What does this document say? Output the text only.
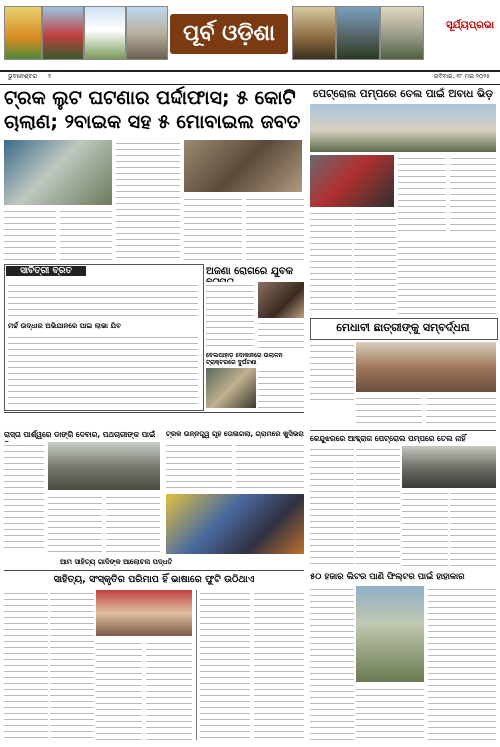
ପୂର୍ବ ଓଡ଼ିଶା	ସୂର୍ଯ୍ୟପ୍ରଭା
ଭୁବନେଶ୍ବର ୨	ରବିବାର, ୧୮ ମଇ ୨୦୨୫
ଟ୍ରକ ଲୁଟ ଘଟଣାର ପର୍ଦ୍ଦାଫାସ; ୫ କୋଟି ଚାଲାଣ; ୨ବାଇକ ସହ ୫ ମୋବାଇଲ ଜବତ
ପେଟ୍ରୋଲ ପମ୍ପରେ ତେଲ ପାଇଁ ଅବାଧ ଭିଡ଼
ସାବିତ୍ରୀ ବ୍ରତ
ମର୍ଚ୍ଚ ଉଦ୍ଧାର ଅଭିଯାନରେ ପାଇ ଲାଭା ଯିବ
ଅଜଣା ରୋଗରେ ଯୁବକ
ମେଧାବୀ ଛାତ୍ରୀଙ୍କୁ ସମ୍ବର୍ଦ୍ଧନା
ବେଲପାହାଡ଼ ଦୋକାନରେ ଉଲାଳନ ଟ୍ରାକ୍ଟରରେ ଦୁର୍ଘଟଣା
ରାସ୍ତା ପାର୍ଶ୍ୱରେ ଡାଙ୍ଗି ଦେବାର, ପଥଚାରୀଙ୍କ ପାଇଁ	ଟ୍ରକ ଉନ୍ନତ୍ତ୍ୱ ଗୃହ ତୋଳାଗଲା, ଗ୍ରାମରେ ଖୁସିଭରା କେନ୍ଦୁଝରରେ ଆବ୍ଦ୍ରାଗ ପେଟ୍ରୋଲ ପମ୍ପରେ ତେଲ ନାହିଁ
ଆମ ସାହିତ୍ୟ ଗାଦିଙ୍କ ଆଲୋଚନା ପଦ୍ଧତି
ସାହିତ୍ୟ, ସଂସ୍କୃତିର ପରିମାପ ହିଁ ଭାଷାରେ ଫୁଟି ଉଠିଥାଏ	୫୦ ହଜାର ଲିଟର ପାଣି ଫିଲ୍ଟର ପାଇଁ ହାହାକାର
